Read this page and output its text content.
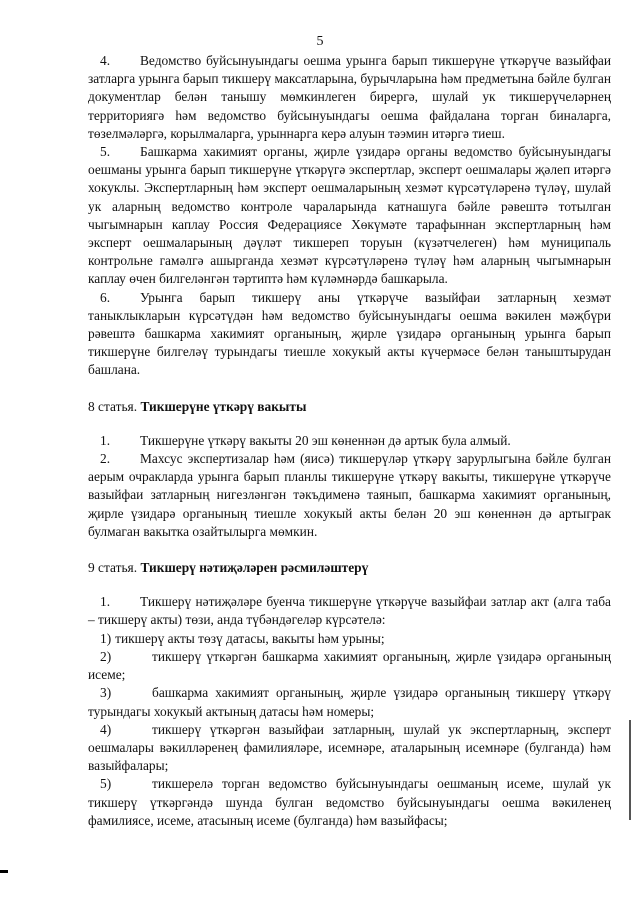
5

4. Ведомство буйсынуындагы оешма урынга барып тикшерүне үткәрүче вазыйфаи затларга урынга барып тикшерү максатларына, бурычларына һәм предметына бәйле булган документлар белән танышу мөмкинлеген бирергә, шулай ук тикшерүчеләрнең территориягә һәм ведомство буйсынуындагы оешма файдалана торган биналарга, төзелмәләргә, корылмаларга, урыннарга керә алуын тәэмин итәргә тиеш.

5. Башкарма хакимият органы, җирле үзидарә органы ведомство буйсынуындагы оешманы урынга барып тикшерүне үткәрүгә экспертлар, эксперт оешмалары җәлеп итәргә хокуклы. Экспертларның һәм эксперт оешмаларының хезмәт күрсәтүләренә түләү, шулай ук аларның ведомство контроле чараларында катнашуга бәйле рәвештә тотылган чыгымнарын каплау Россия Федерациясе Хөкүмәте тарафыннан экспертларның һәм эксперт оешмаларының дәүләт тикшереп торуын (күзәтчелеген) һәм муниципаль контрольне гамәлгә ашырганда хезмәт күрсәтүләренә түләү һәм аларның чыгымнарын каплау өчен билгеләнгән тәртиптә һәм күләмнәрдә башкарыла.

6. Урынга барып тикшерү аны үткәрүче вазыйфаи затларның хезмәт таныклыкларын күрсәтүдән һәм ведомство буйсынуындагы оешма вәкилен мәҗбүри рәвештә башкарма хакимият органының, җирле үзидарә органының урынга барып тикшерүне билгеләү турындагы тиешле хокукый акты күчермәсе белән таныштырудан башлана.

8 статья. Тикшерүне үткәрү вакыты

1. Тикшерүне үткәрү вакыты 20 эш көненнән дә артык була алмый.

2. Махсус экспертизалар һәм (яисә) тикшерүләр үткәрү зарурлыгына бәйле булган аерым очракларда урынга барып планлы тикшерүне үткәрү вакыты, тикшерүне үткәрүче вазыйфаи затларның нигезләнгән тәкъдименә таянып, башкарма хакимият органының, җирле үзидарә органының тиешле хокукый акты белән 20 эш көненнән дә артыграк булмаган вакытка озайтылырга мөмкин.

9 статья. Тикшерү нәтиҗәләрен рәсмиләштерү

1. Тикшерү нәтиҗәләре буенча тикшерүне үткәрүче вазыйфаи затлар акт (алга таба – тикшерү акты) төзи, анда түбәндәгеләр күрсәтелә:

1) тикшерү акты төзү датасы, вакыты һәм урыны;

2)	тикшерү үткәргән башкарма хакимият органының, җирле үзидарә органының исеме;

3)	башкарма хакимият органының, җирле үзидарә органының тикшерү үткәрү турындагы хокукый актының датасы һәм номеры;

4)	тикшерү үткәргән вазыйфаи затларның, шулай ук экспертларның, эксперт оешмалары вәкилләренең фамилияләре, исемнәре, аталарының исемнәре (булганда) һәм вазыйфалары;

5)	тикшерелә торган ведомство буйсынуындагы оешманың исеме, шулай ук тикшерү үткәргәндә шунда булган ведомство буйсынуындагы оешма вәкиленең фамилиясе, исеме, атасының исеме (булганда) һәм вазыйфасы;
